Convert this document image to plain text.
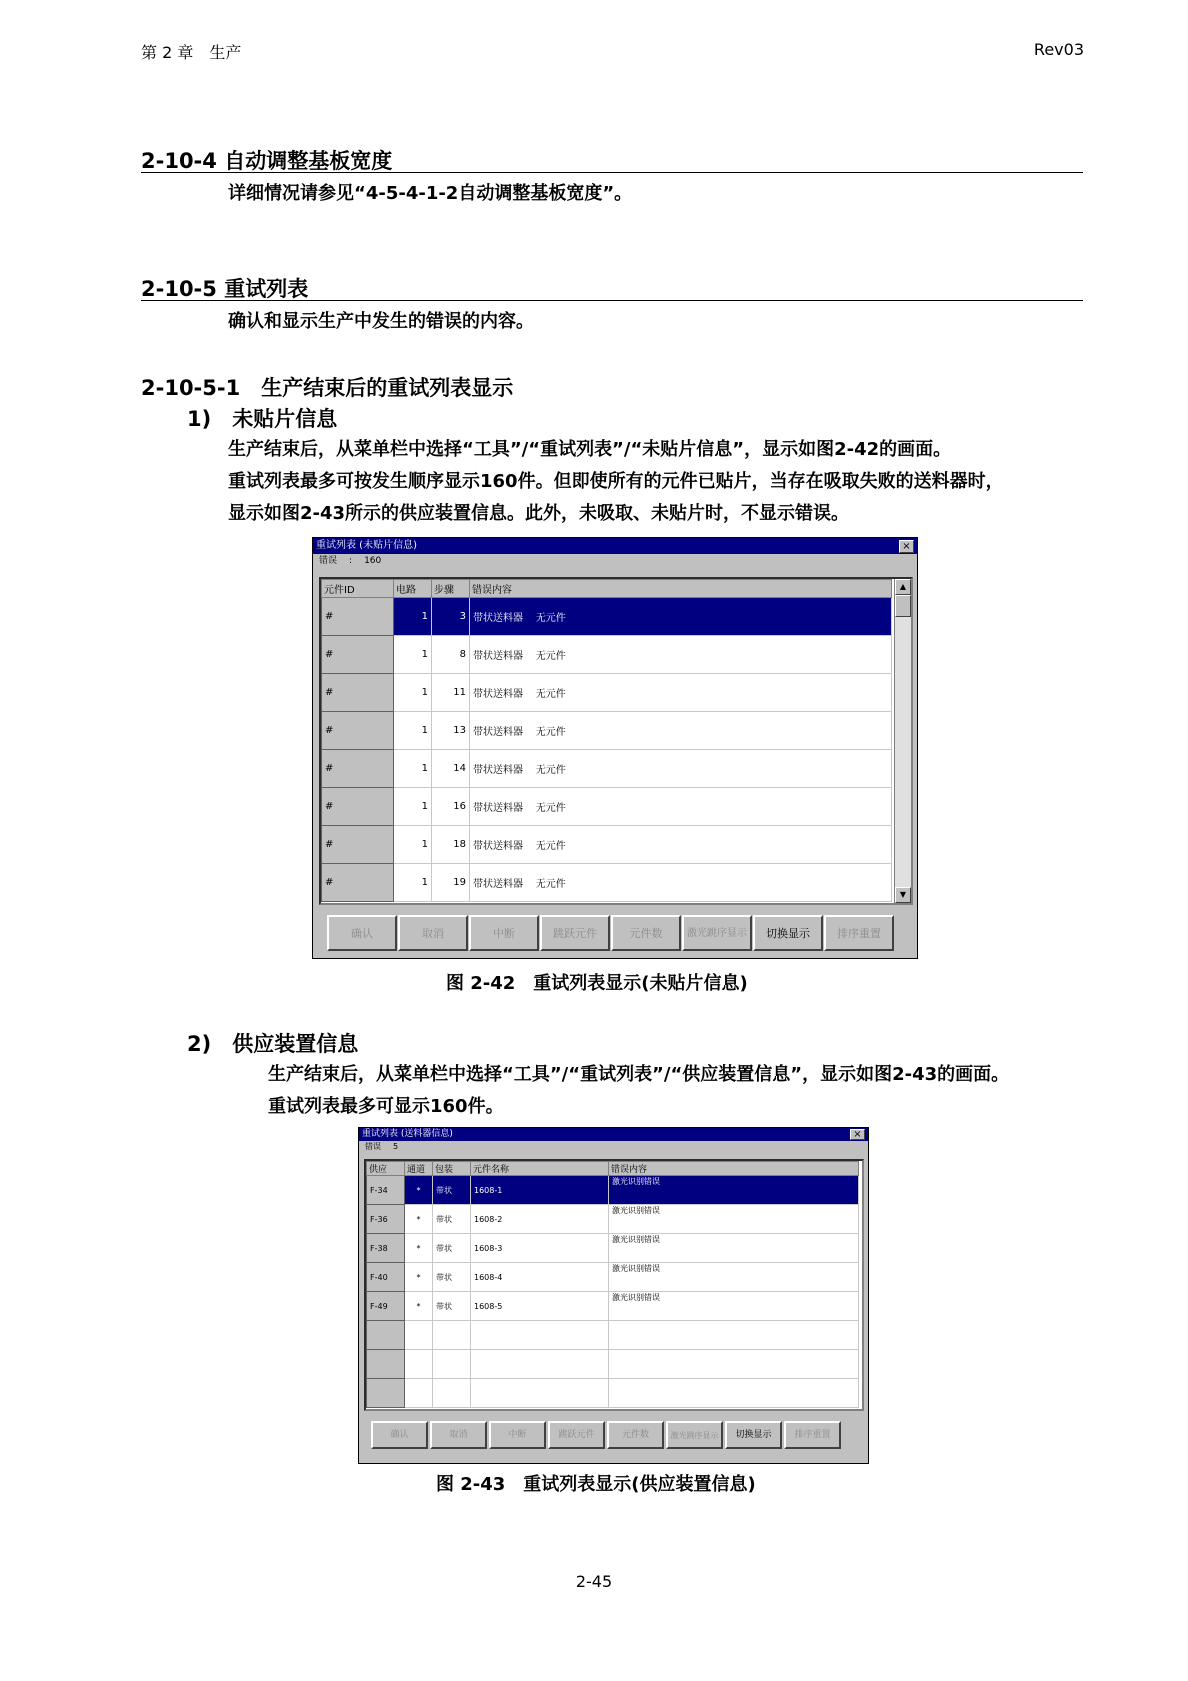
第 2 章　生产	Rev03
2-10-4 自动调整基板宽度
详细情况请参见“4-5-4-1-2自动调整基板宽度”。
2-10-5 重试列表
确认和显示生产中发生的错误的内容。
2-10-5-1　生产结束后的重试列表显示
1)　未贴片信息
生产结束后，从菜单栏中选择“工具”/“重试列表”/“未贴片信息”，显示如图2-42的画面。
重试列表最多可按发生顺序显示160件。但即使所有的元件已贴片，当存在吸取失败的送料器时，
显示如图2-43所示的供应装置信息。此外，未吸取、未贴片时，不显示错误。
重试列表 (未贴片信息)	×
错误 : 160
元件ID	电路	步骤	错误内容
#	1	3	带状送料器 无元件
#	1	8	带状送料器 无元件
#	1	11	带状送料器 无元件
#	1	13	带状送料器 无元件
#	1	14	带状送料器 无元件
#	1	16	带状送料器 无元件
#	1	18	带状送料器 无元件
#	1	19	带状送料器 无元件
▲
▼
确认	取消	中断	跳跃元件	元件数	激光跳序显示	切换显示	排序重置
图 2-42　重试列表显示(未贴片信息)
2)　供应装置信息
生产结束后，从菜单栏中选择“工具”/“重试列表”/“供应装置信息”，显示如图2-43的画面。
重试列表最多可显示160件。
重试列表 (送料器信息)	×
错误 5
供应	通道	包装	元件名称	错误内容
F-34	*	带状	1608-1	激光识别错误
F-36	*	带状	1608-2	激光识别错误
F-38	*	带状	1608-3	激光识别错误
F-40	*	带状	1608-4	激光识别错误
F-49	*	带状	1608-5	激光识别错误

确认	取消	中断	跳跃元件	元件数	激光跳序显示	切换显示	排序重置
图 2-43　重试列表显示(供应装置信息)
2-45
